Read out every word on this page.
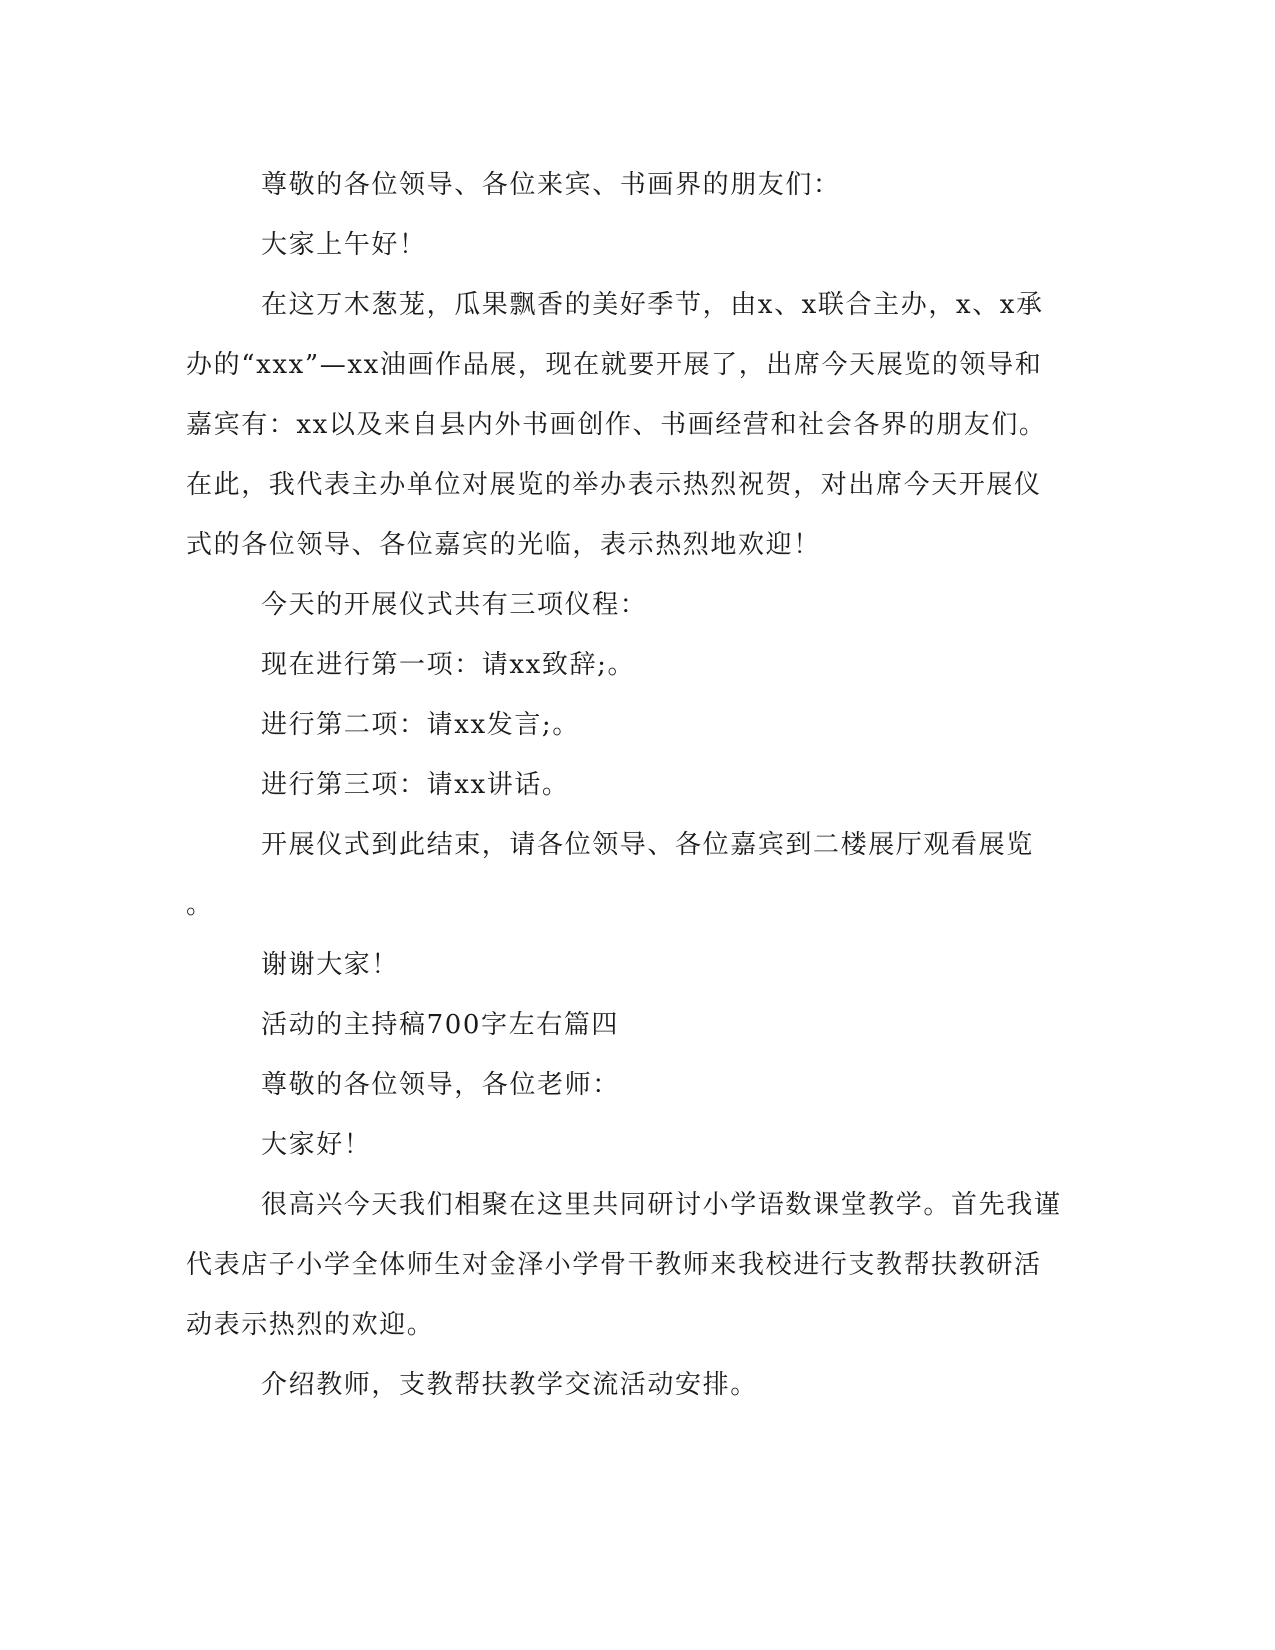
尊敬的各位领导、各位来宾、书画界的朋友们：

大家上午好！

在这万木葱茏，瓜果飘香的美好季节，由x、x联合主办，x、x承办的“xxx”—xx油画作品展，现在就要开展了，出席今天展览的领导和嘉宾有：xx以及来自县内外书画创作、书画经营和社会各界的朋友们。在此，我代表主办单位对展览的举办表示热烈祝贺，对出席今天开展仪式的各位领导、各位嘉宾的光临，表示热烈地欢迎！

今天的开展仪式共有三项仪程：

现在进行第一项：请xx致辞;。

进行第二项：请xx发言;。

进行第三项：请xx讲话。

开展仪式到此结束，请各位领导、各位嘉宾到二楼展厅观看展览

。

谢谢大家！

活动的主持稿700字左右篇四

尊敬的各位领导，各位老师：

大家好！

很高兴今天我们相聚在这里共同研讨小学语数课堂教学。首先我谨代表店子小学全体师生对金泽小学骨干教师来我校进行支教帮扶教研活动表示热烈的欢迎。

介绍教师，支教帮扶教学交流活动安排。
